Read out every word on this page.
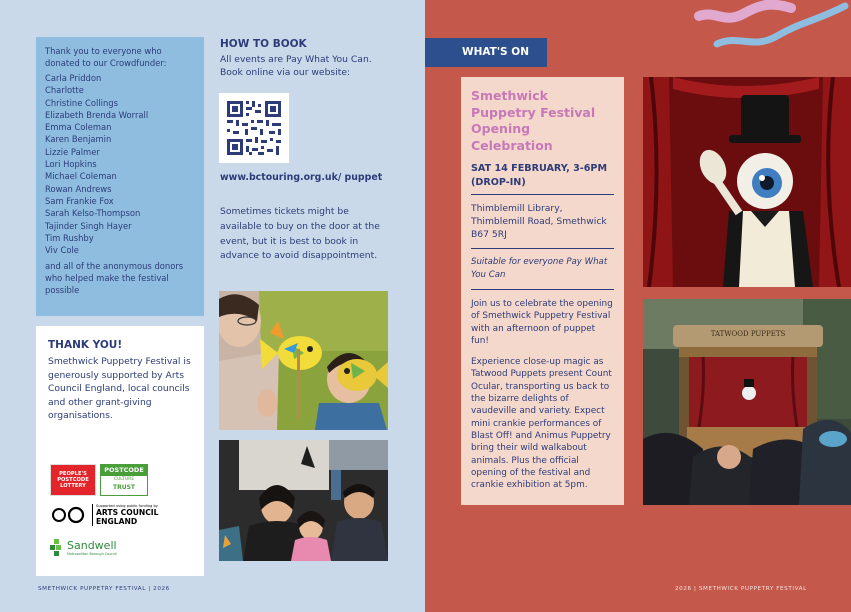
Thank you to everyone who donated to our Crowdfunder:

Carla Priddon
Charlotte
Christine Collings
Elizabeth Brenda Worrall
Emma Coleman
Karen Benjamin
Lizzie Palmer
Lori Hopkins
Michael Coleman
Rowan Andrews
Sam Frankie Fox
Sarah Kelso-Thompson
Tajinder Singh Hayer
Tim Rushby
Viv Cole

and all of the anonymous donors who helped make the festival possible

THANK YOU!

Smethwick Puppetry Festival is generously supported by Arts Council England, local councils and other grant-giving organisations.

PEOPLE'S POSTCODE LOTTERY
POSTCODE
CULTURE
TRUST
Supported using public funding by
ARTS COUNCIL
ENGLAND
Sandwell
Metropolitan Borough Council
HOW TO BOOK

All events are Pay What You Can. Book online via our website:

www.bctouring.org.uk/ puppet

Sometimes tickets might be available to buy on the door at the event, but it is best to book in advance to avoid disappointment.

SMETHWICK PUPPETRY FESTIVAL | 2026	2026 | SMETHWICK PUPPETRY FESTIVAL
WHAT'S ON
Smethwick Puppetry Festival Opening Celebration

SAT 14 FEBRUARY, 3-6PM (DROP-IN)

Thimblemill Library, Thimblemill Road, Smethwick B67 5RJ

Suitable for everyone Pay What You Can

Join us to celebrate the opening of Smethwick Puppetry Festival with an afternoon of puppet fun!

Experience close-up magic as Tatwood Puppets present Count Ocular, transporting us back to the bizarre delights of vaudeville and variety. Expect mini crankie performances of Blast Off! and Animus Puppetry bring their wild walkabout animals. Plus the official opening of the festival and crankie exhibition at 5pm.

TATWOOD PUPPETS
